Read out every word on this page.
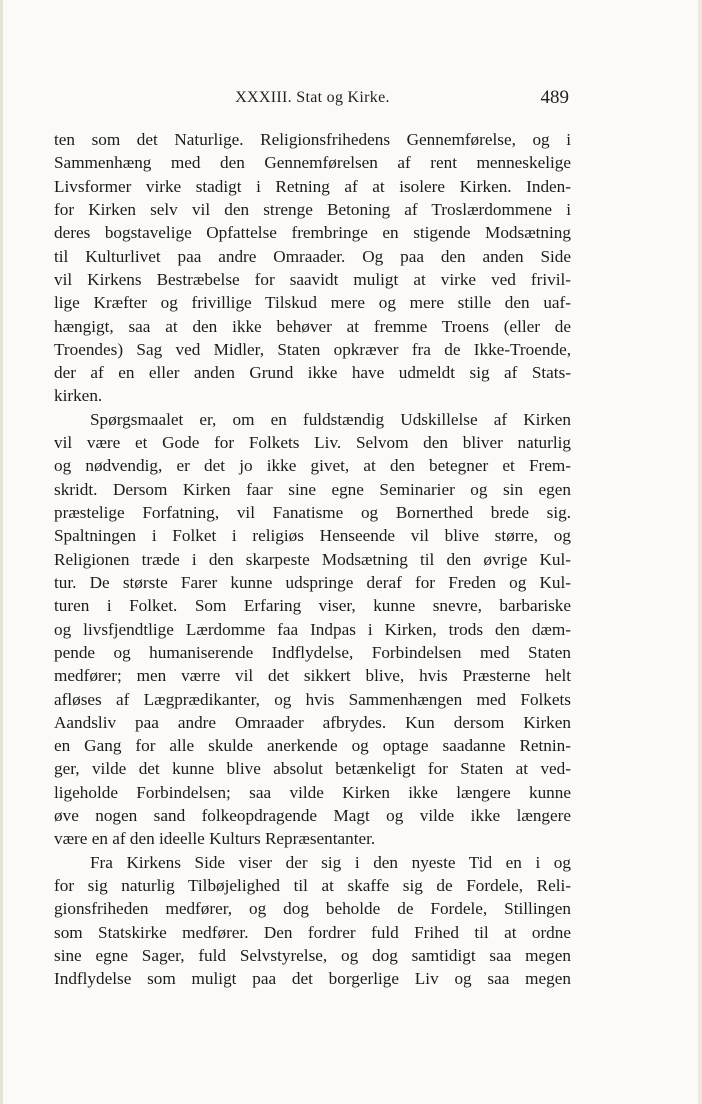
XXXIII. Stat og Kirke.	489
ten som det Naturlige. Religionsfrihedens Gennemførelse, og i
Sammenhæng med den Gennemførelsen af rent menneskelige
Livsformer virke stadigt i Retning af at isolere Kirken. Inden-
for Kirken selv vil den strenge Betoning af Troslærdommene i
deres bogstavelige Opfattelse frembringe en stigende Modsætning
til Kulturlivet paa andre Omraader. Og paa den anden Side
vil Kirkens Bestræbelse for saavidt muligt at virke ved frivil-
lige Kræfter og frivillige Tilskud mere og mere stille den uaf-
hængigt, saa at den ikke behøver at fremme Troens (eller de
Troendes) Sag ved Midler, Staten opkræver fra de Ikke-Troende,
der af en eller anden Grund ikke have udmeldt sig af Stats-
kirken.
Spørgsmaalet er, om en fuldstændig Udskillelse af Kirken
vil være et Gode for Folkets Liv. Selvom den bliver naturlig
og nødvendig, er det jo ikke givet, at den betegner et Frem-
skridt. Dersom Kirken faar sine egne Seminarier og sin egen
præstelige Forfatning, vil Fanatisme og Bornerthed brede sig.
Spaltningen i Folket i religiøs Henseende vil blive større, og
Religionen træde i den skarpeste Modsætning til den øvrige Kul-
tur. De største Farer kunne udspringe deraf for Freden og Kul-
turen i Folket. Som Erfaring viser, kunne snevre, barbariske
og livsfjendtlige Lærdomme faa Indpas i Kirken, trods den dæm-
pende og humaniserende Indflydelse, Forbindelsen med Staten
medfører; men værre vil det sikkert blive, hvis Præsterne helt
afløses af Lægprædikanter, og hvis Sammenhængen med Folkets
Aandsliv paa andre Omraader afbrydes. Kun dersom Kirken
en Gang for alle skulde anerkende og optage saadanne Retnin-
ger, vilde det kunne blive absolut betænkeligt for Staten at ved-
ligeholde Forbindelsen; saa vilde Kirken ikke længere kunne
øve nogen sand folkeopdragende Magt og vilde ikke længere
være en af den ideelle Kulturs Repræsentanter.
Fra Kirkens Side viser der sig i den nyeste Tid en i og
for sig naturlig Tilbøjelighed til at skaffe sig de Fordele, Reli-
gionsfriheden medfører, og dog beholde de Fordele, Stillingen
som Statskirke medfører. Den fordrer fuld Frihed til at ordne
sine egne Sager, fuld Selvstyrelse, og dog samtidigt saa megen
Indflydelse som muligt paa det borgerlige Liv og saa megen
